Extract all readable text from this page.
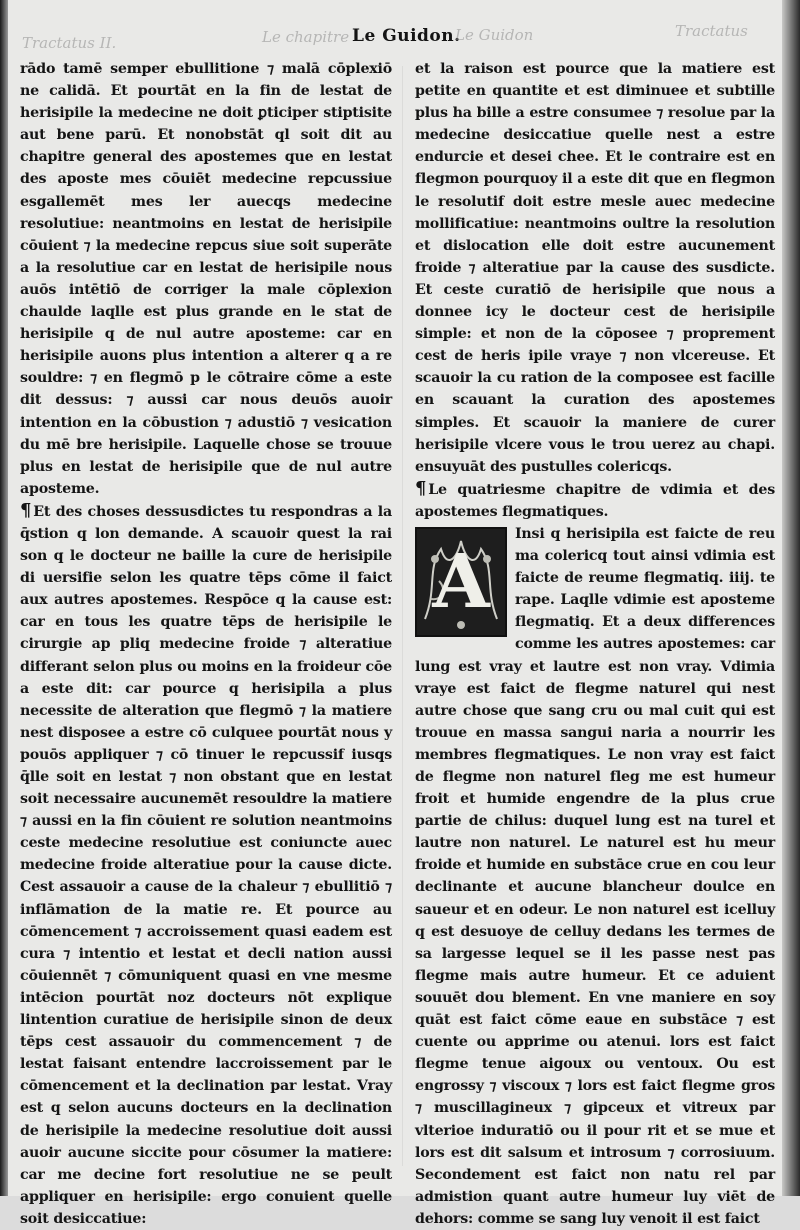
Tractatus II.	Le chapitre Le Guidon.
Le Guidon	Tractatus

rādo tamē semper ebullitione ⁊ malā cōplexiō ne calidā. Et pourtāt en la fin de lestat de herisipile la medecine ne doit ꝑticiper stiptisite aut bene parū. Et nonobstāt ql soit dit au chapitre general des apostemes que en lestat des aposte mes cōuiēt medecine repcussiue esgallemēt mes ler auecqs medecine resolutiue: neantmoins en lestat de herisipile cōuient ⁊ la medecine repcus siue soit superāte a la resolutiue car en lestat de herisipile nous auōs intētiō de corriger la male cōplexion chaulde laqlle est plus grande en le stat de herisipile q de nul autre aposteme: car en herisipile auons plus intention a alterer q a re souldre: ⁊ en flegmō p le cōtraire cōme a este dit dessus: ⁊ aussi car nous deuōs auoir intention en la cōbustion ⁊ adustiō ⁊ vesication du mē bre herisipile. Laquelle chose se trouue plus en lestat de herisipile que de nul autre aposteme.

¶ Et des choses dessusdictes tu respondras a la q̄stion q lon demande. A scauoir quest la rai son q le docteur ne baille la cure de herisipile di uersifie selon les quatre tēps cōme il faict aux autres apostemes. Respōce q la cause est: car en tous les quatre tēps de herisipile le cirurgie ap pliq medecine froide ⁊ alteratiue differant selon plus ou moins en la froideur cōe a este dit: car pource q herisipila a plus necessite de alteration que flegmō ⁊ la matiere nest disposee a estre cō culquee pourtāt nous y pouōs appliquer ⁊ cō tinuer le repcussif iusqs q̄lle soit en lestat ⁊ non obstant que en lestat soit necessaire aucunemēt resouldre la matiere ⁊ aussi en la fin cōuient re solution neantmoins ceste medecine resolutiue est coniuncte auec medecine froide alteratiue pour la cause dicte. Cest assauoir a cause de la chaleur ⁊ ebullitiō ⁊ inflāmation de la matie re. Et pource au cōmencement ⁊ accroissement quasi eadem est cura ⁊ intentio et lestat et decli nation aussi cōuiennēt ⁊ cōmuniquent quasi en vne mesme intēcion pourtāt noz docteurs nōt explique lintention curatiue de herisipile sinon de deux tēps cest assauoir du commencement ⁊ de lestat faisant entendre laccroissement par le cōmencement et la declination par lestat. Vray est q selon aucuns docteurs en la declination de herisipile la medecine resolutiue doit aussi auoir aucune siccite pour cōsumer la matiere: car me decine fort resolutiue ne se peult appliquer en herisipile: ergo conuient quelle soit desiccatiue:

et la raison est pource que la matiere est petite en quantite et est diminuee et subtille plus ha bille a estre consumee ⁊ resolue par la medecine desiccatiue quelle nest a estre endurcie et desei chee. Et le contraire est en flegmon pourquoy il a este dit que en flegmon le resolutif doit estre mesle auec medecine mollificatiue: neantmoins oultre la resolution et dislocation elle doit estre aucunement froide ⁊ alteratiue par la cause des susdicte. Et ceste curatiō de herisipile que nous a donnee icy le docteur cest de herisipile simple: et non de la cōposee ⁊ proprement cest de heris ipile vraye ⁊ non vlcereuse. Et scauoir la cu ration de la composee est facille en scauant la curation des apostemes simples. Et scauoir la maniere de curer herisipile vlcere vous le trou uerez au chapi. ensuyuāt des pustulles colericqs.

¶ Le quatriesme chapitre de vdimia et des apostemes flegmatiques.

A
Insi q herisipila est faicte de reu ma colericq tout ainsi vdimia est faicte de reume flegmatiq. iiij. te rape. Laqlle vdimie est aposteme flegmatiq. Et a deux differences comme les autres apostemes: car lung est vray et lautre est non vray. Vdimia vraye est faict de flegme naturel qui nest autre chose que sang cru ou mal cuit qui est trouue en massa sangui naria a nourrir les membres flegmatiques. Le non vray est faict de flegme non naturel fleg me est humeur froit et humide engendre de la plus crue partie de chilus: duquel lung est na turel et lautre non naturel. Le naturel est hu meur froide et humide en substāce crue en cou leur declinante et aucune blancheur doulce en saueur et en odeur. Le non naturel est icelluy q est desuoye de celluy dedans les termes de sa largesse lequel se il les passe nest pas flegme mais autre humeur. Et ce aduient souuēt dou blement. En vne maniere en soy quāt est faict cōme eaue en substāce ⁊ est cuente ou apprime ou atenui. lors est faict flegme tenue aigoux ou ventoux. Ou est engrossy ⁊ viscoux ⁊ lors est faict flegme gros ⁊ muscillagineux ⁊ gipceux et vitreux par vlterioe induratiō ou il pour rit et se mue et lors est dit salsum et introsum ⁊ corrosiuum. Secondement est faict non natu rel par admistion quant autre humeur luy viēt de dehors: comme se sang luy venoit il est faict
